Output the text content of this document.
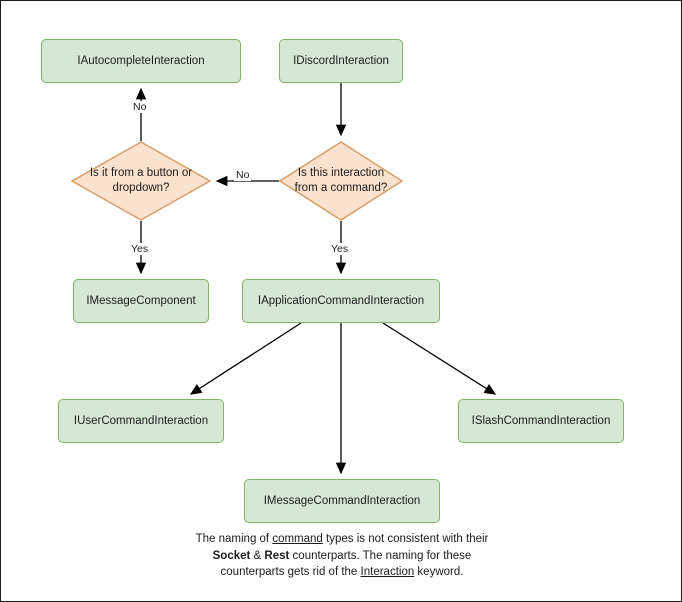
IAutocompleteInteraction	IDiscordInteraction
Is it from a button or dropdown?
Is this interaction from a command?
IMessageComponent	IApplicationCommandInteraction
IUserCommandInteraction	ISlashCommandInteraction
IMessageCommandInteraction
No
No
Yes	Yes
The naming of command types is not consistent with their
Socket & Rest counterparts. The naming for these
counterparts gets rid of the Interaction keyword.
